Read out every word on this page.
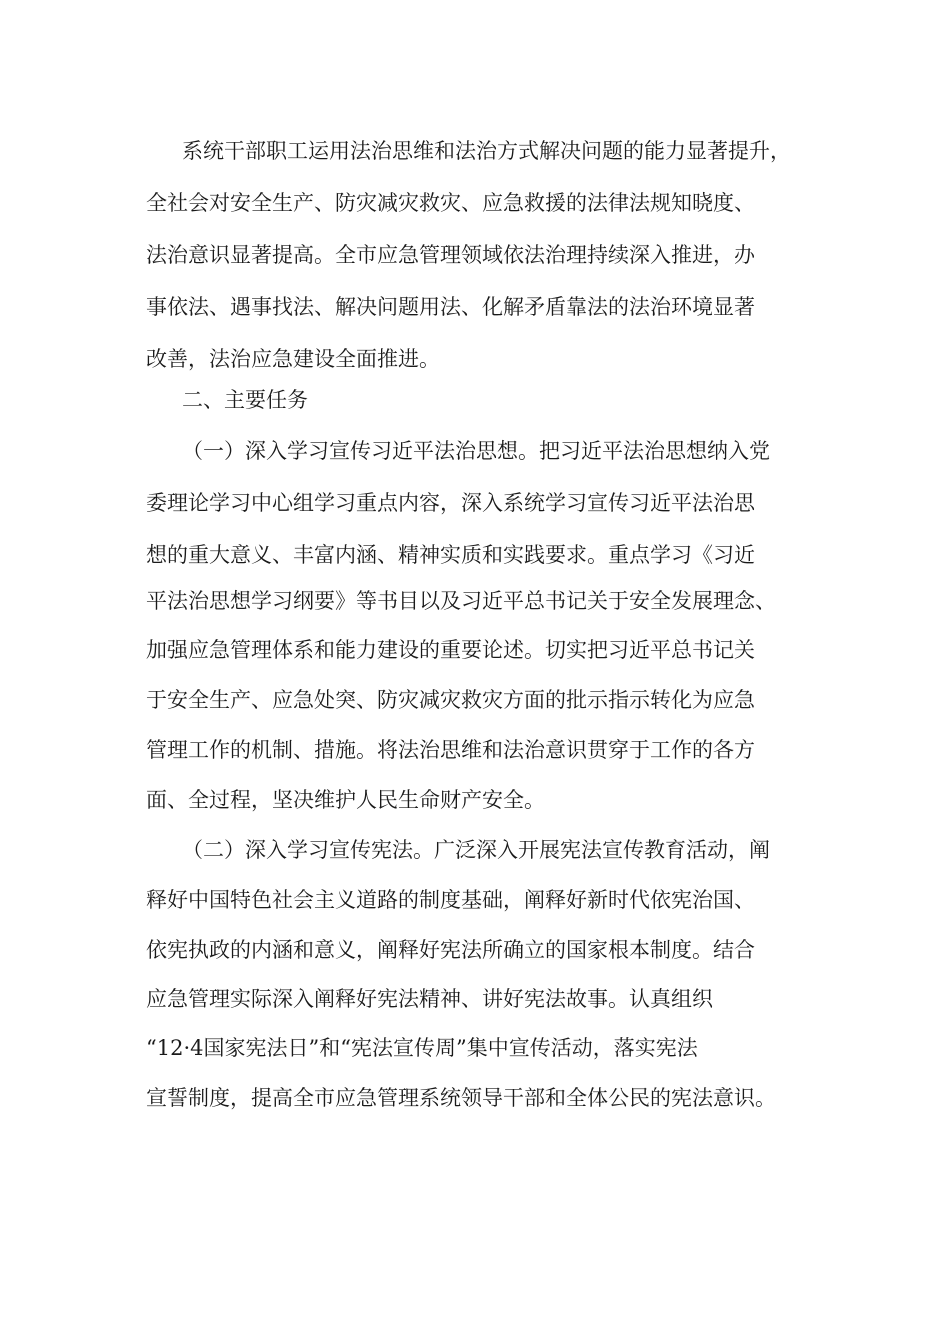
系统干部职工运用法治思维和法治方式解决问题的能力显著提升，
全社会对安全生产、防灾减灾救灾、应急救援的法律法规知晓度、
法治意识显著提高。全市应急管理领域依法治理持续深入推进，办
事依法、遇事找法、解决问题用法、化解矛盾靠法的法治环境显著
改善，法治应急建设全面推进。
二、主要任务
（一）深入学习宣传习近平法治思想。把习近平法治思想纳入党
委理论学习中心组学习重点内容，深入系统学习宣传习近平法治思
想的重大意义、丰富内涵、精神实质和实践要求。重点学习《习近
平法治思想学习纲要》等书目以及习近平总书记关于安全发展理念、
加强应急管理体系和能力建设的重要论述。切实把习近平总书记关
于安全生产、应急处突、防灾减灾救灾方面的批示指示转化为应急
管理工作的机制、措施。将法治思维和法治意识贯穿于工作的各方
面、全过程，坚决维护人民生命财产安全。
（二）深入学习宣传宪法。广泛深入开展宪法宣传教育活动，阐
释好中国特色社会主义道路的制度基础，阐释好新时代依宪治国、
依宪执政的内涵和意义，阐释好宪法所确立的国家根本制度。结合
应急管理实际深入阐释好宪法精神、讲好宪法故事。认真组织
“12·4国家宪法日”和“宪法宣传周”集中宣传活动，落实宪法
宣誓制度，提高全市应急管理系统领导干部和全体公民的宪法意识。
